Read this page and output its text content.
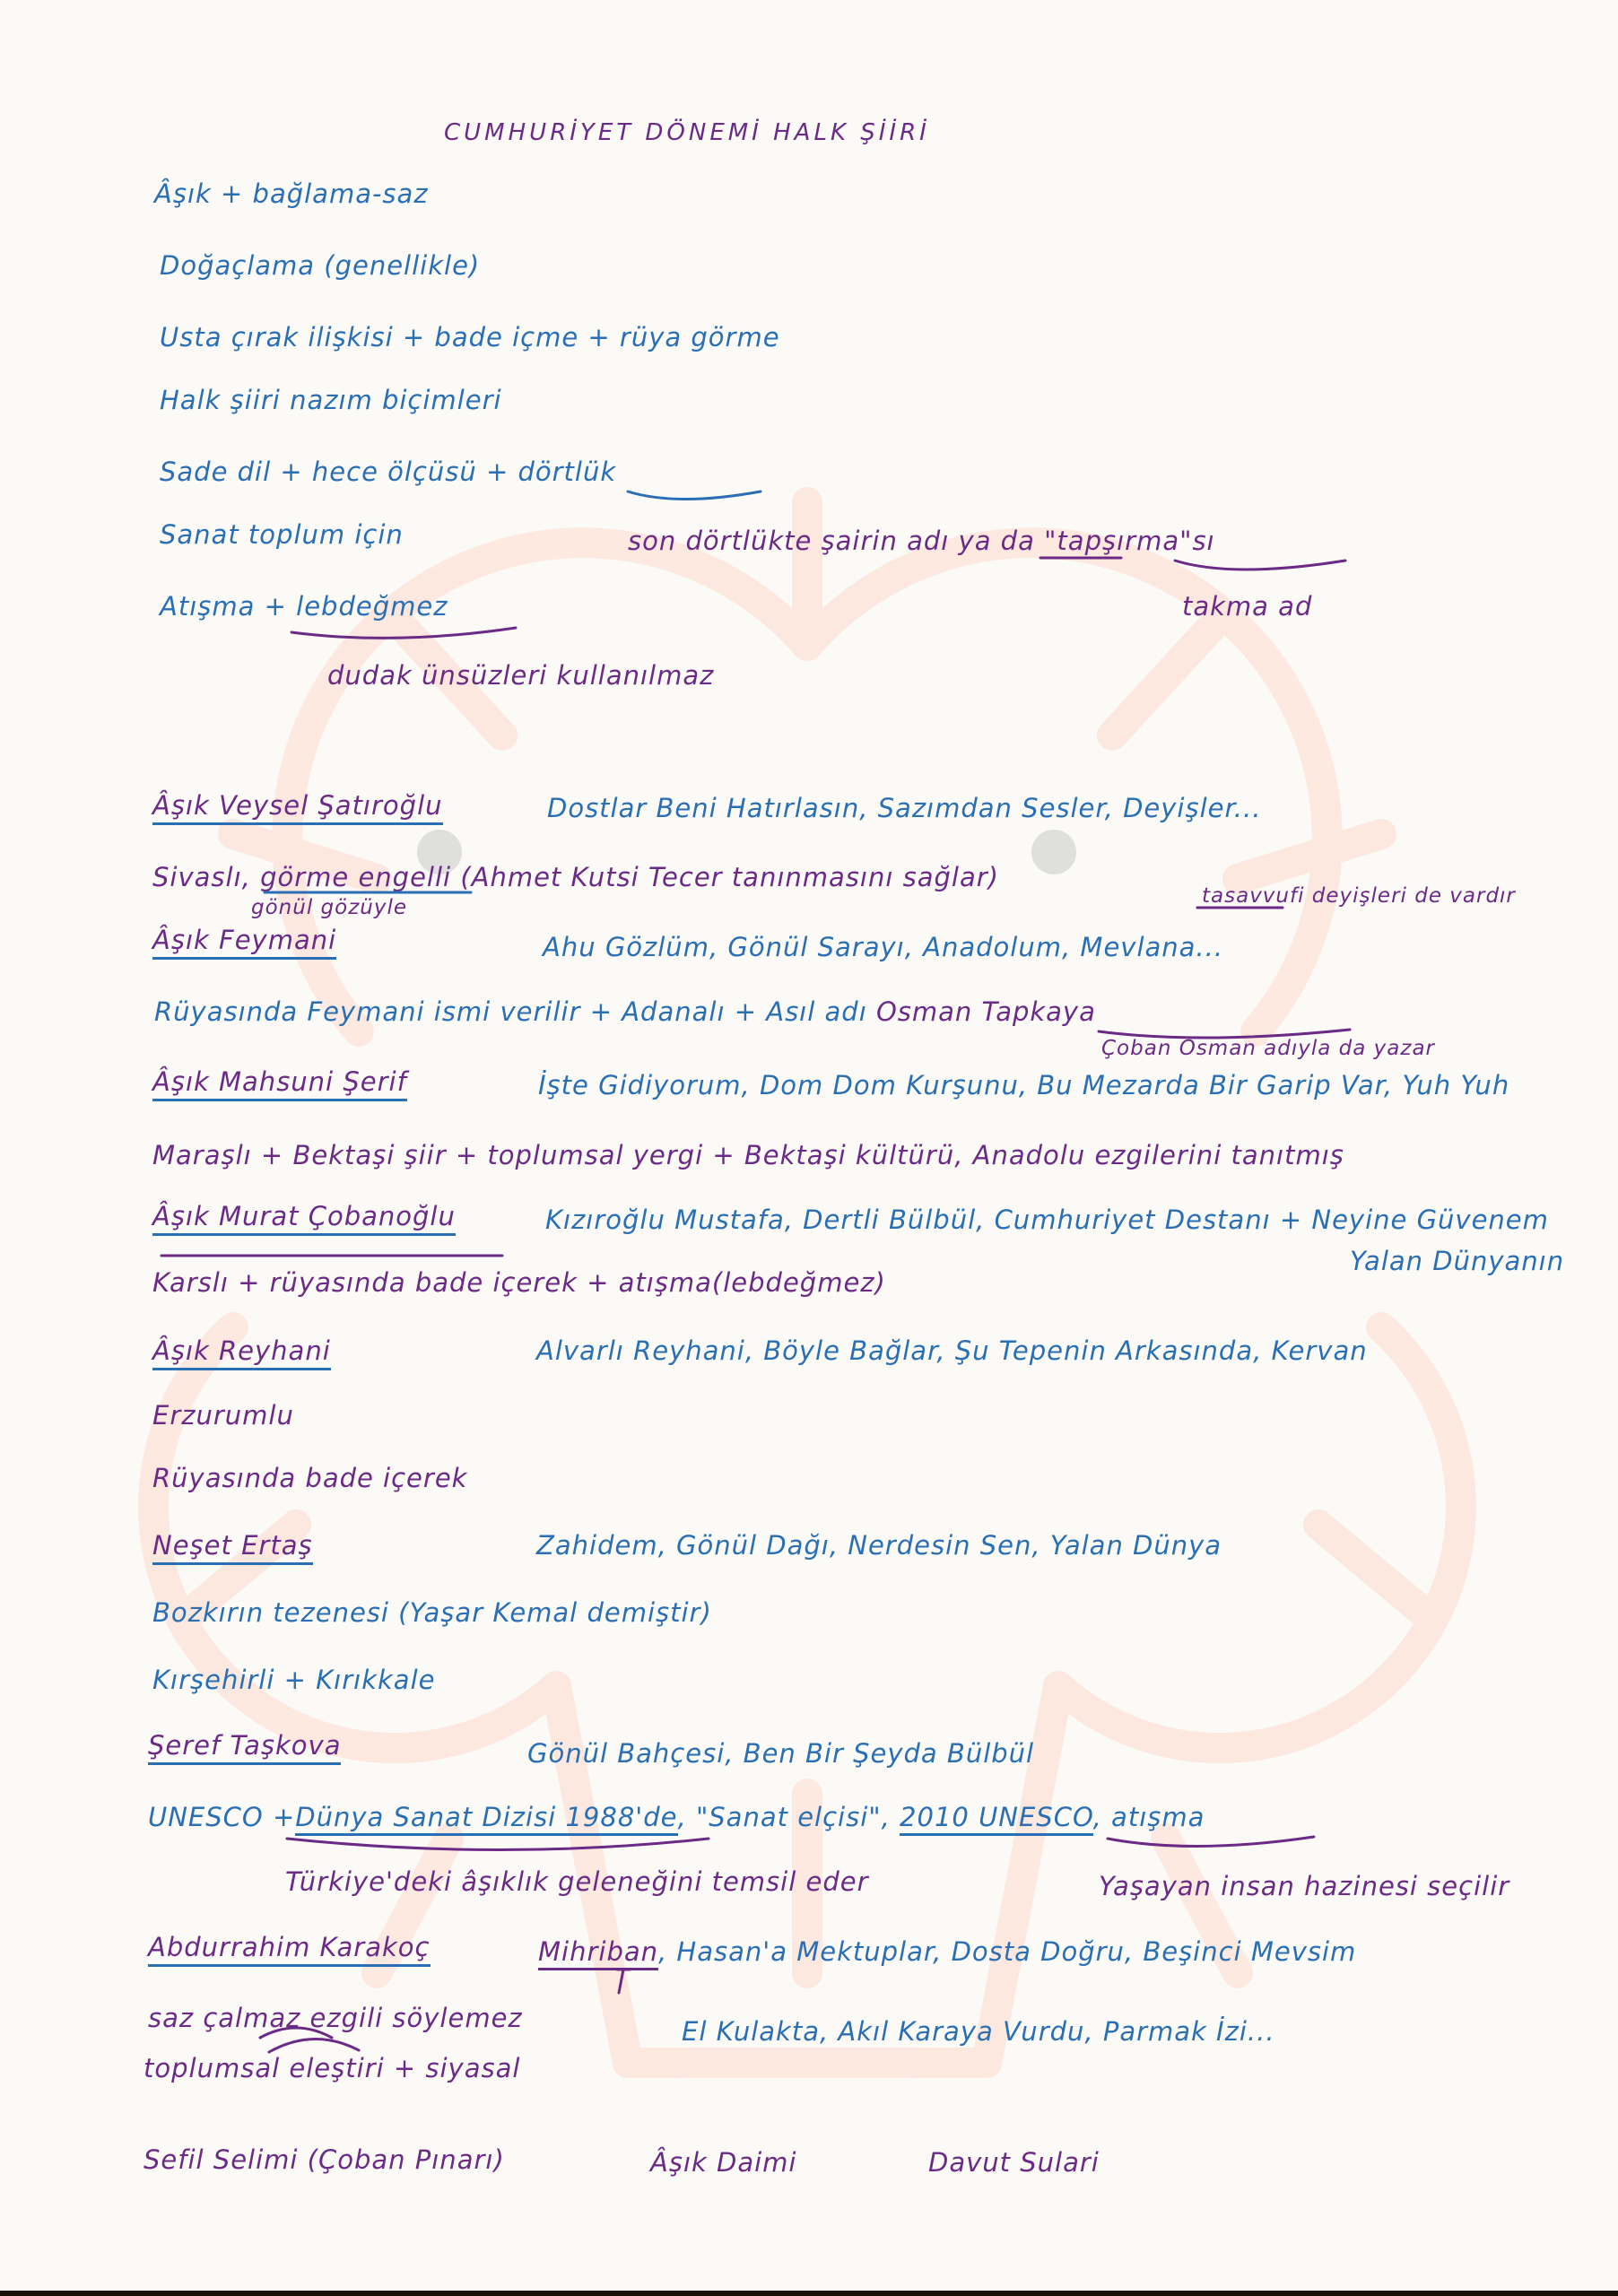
CUMHURİYET DÖNEMİ HALK ŞİİRİ
Âşık + bağlama-saz
Doğaçlama (genellikle)
Usta çırak ilişkisi + bade içme + rüya görme
Halk şiiri nazım biçimleri
Sade dil + hece ölçüsü + dörtlük
Sanat toplum için	son dörtlükte şairin adı ya da "tapşırma"sı
takma ad
Atışma + lebdeğmez
dudak ünsüzleri kullanılmaz
Âşık Veysel Şatıroğlu	Dostlar Beni Hatırlasın, Sazımdan Sesler, Deyişler...
Sivaslı, görme engelli (Ahmet Kutsi Tecer tanınmasını sağlar)
gönül gözüyle	tasavvufi deyişleri de vardır
Âşık Feymani	Ahu Gözlüm, Gönül Sarayı, Anadolum, Mevlana...
Rüyasında Feymani ismi verilir + Adanalı + Asıl adı Osman Tapkaya
Çoban Osman adıyla da yazar
Âşık Mahsuni Şerif	İşte Gidiyorum, Dom Dom Kurşunu, Bu Mezarda Bir Garip Var, Yuh Yuh
Maraşlı + Bektaşi şiir + toplumsal yergi + Bektaşi kültürü, Anadolu ezgilerini tanıtmış
Âşık Murat Çobanoğlu	Kızıroğlu Mustafa, Dertli Bülbül, Cumhuriyet Destanı + Neyine Güvenem
Yalan Dünyanın
Karslı + rüyasında bade içerek + atışma(lebdeğmez)
Âşık Reyhani	Alvarlı Reyhani, Böyle Bağlar, Şu Tepenin Arkasında, Kervan
Erzurumlu
Rüyasında bade içerek
Neşet Ertaş	Zahidem, Gönül Dağı, Nerdesin Sen, Yalan Dünya
Bozkırın tezenesi (Yaşar Kemal demiştir)
Kırşehirli + Kırıkkale
Şeref Taşkova	Gönül Bahçesi, Ben Bir Şeyda Bülbül
UNESCO +Dünya Sanat Dizisi 1988'de, "Sanat elçisi", 2010 UNESCO, atışma
Türkiye'deki âşıklık geleneğini temsil eder	Yaşayan insan hazinesi seçilir
Abdurrahim Karakoç	Mihriban, Hasan'a Mektuplar, Dosta Doğru, Beşinci Mevsim
saz çalmaz ezgili söylemez	El Kulakta, Akıl Karaya Vurdu, Parmak İzi...
toplumsal eleştiri + siyasal
Sefil Selimi (Çoban Pınarı)	Âşık Daimi	Davut Sulari
